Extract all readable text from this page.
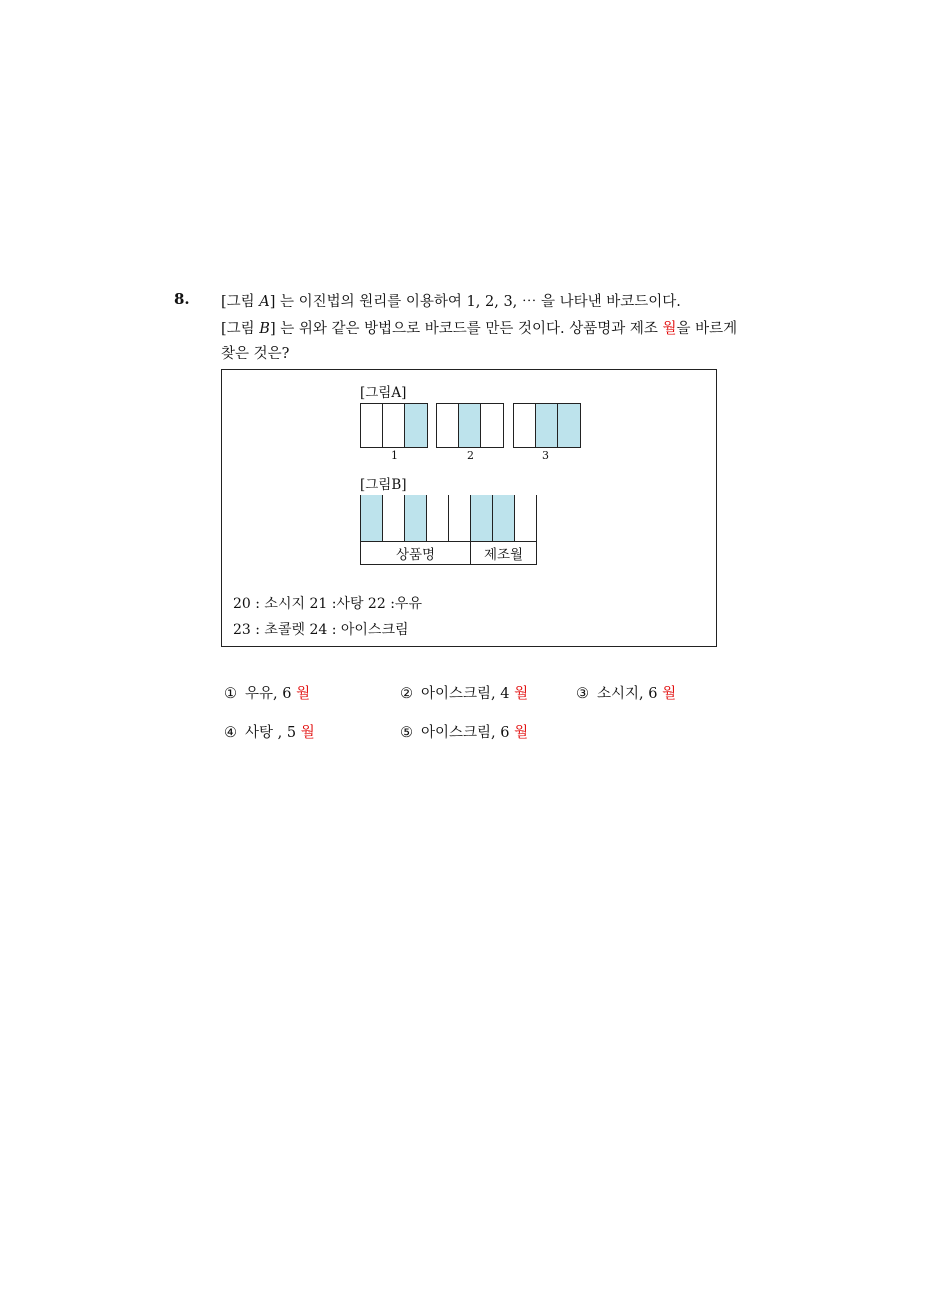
8. [그림 A] 는 이진법의 원리를 이용하여 1, 2, 3, ⋯ 을 나타낸 바코드이다.
[그림 B] 는 위와 같은 방법으로 바코드를 만든 것이다. 상품명과 제조 월을 바르게
찾은 것은?
[그림A]
1	2	3
[그림B]
상품명	제조월
20 : 소시지 21 :사탕 22 :우유
23 : 초콜렛 24 : 아이스크림
① 우유, 6 월	② 아이스크림, 4 월	③ 소시지, 6 월
④ 사탕 , 5 월	⑤ 아이스크림, 6 월
